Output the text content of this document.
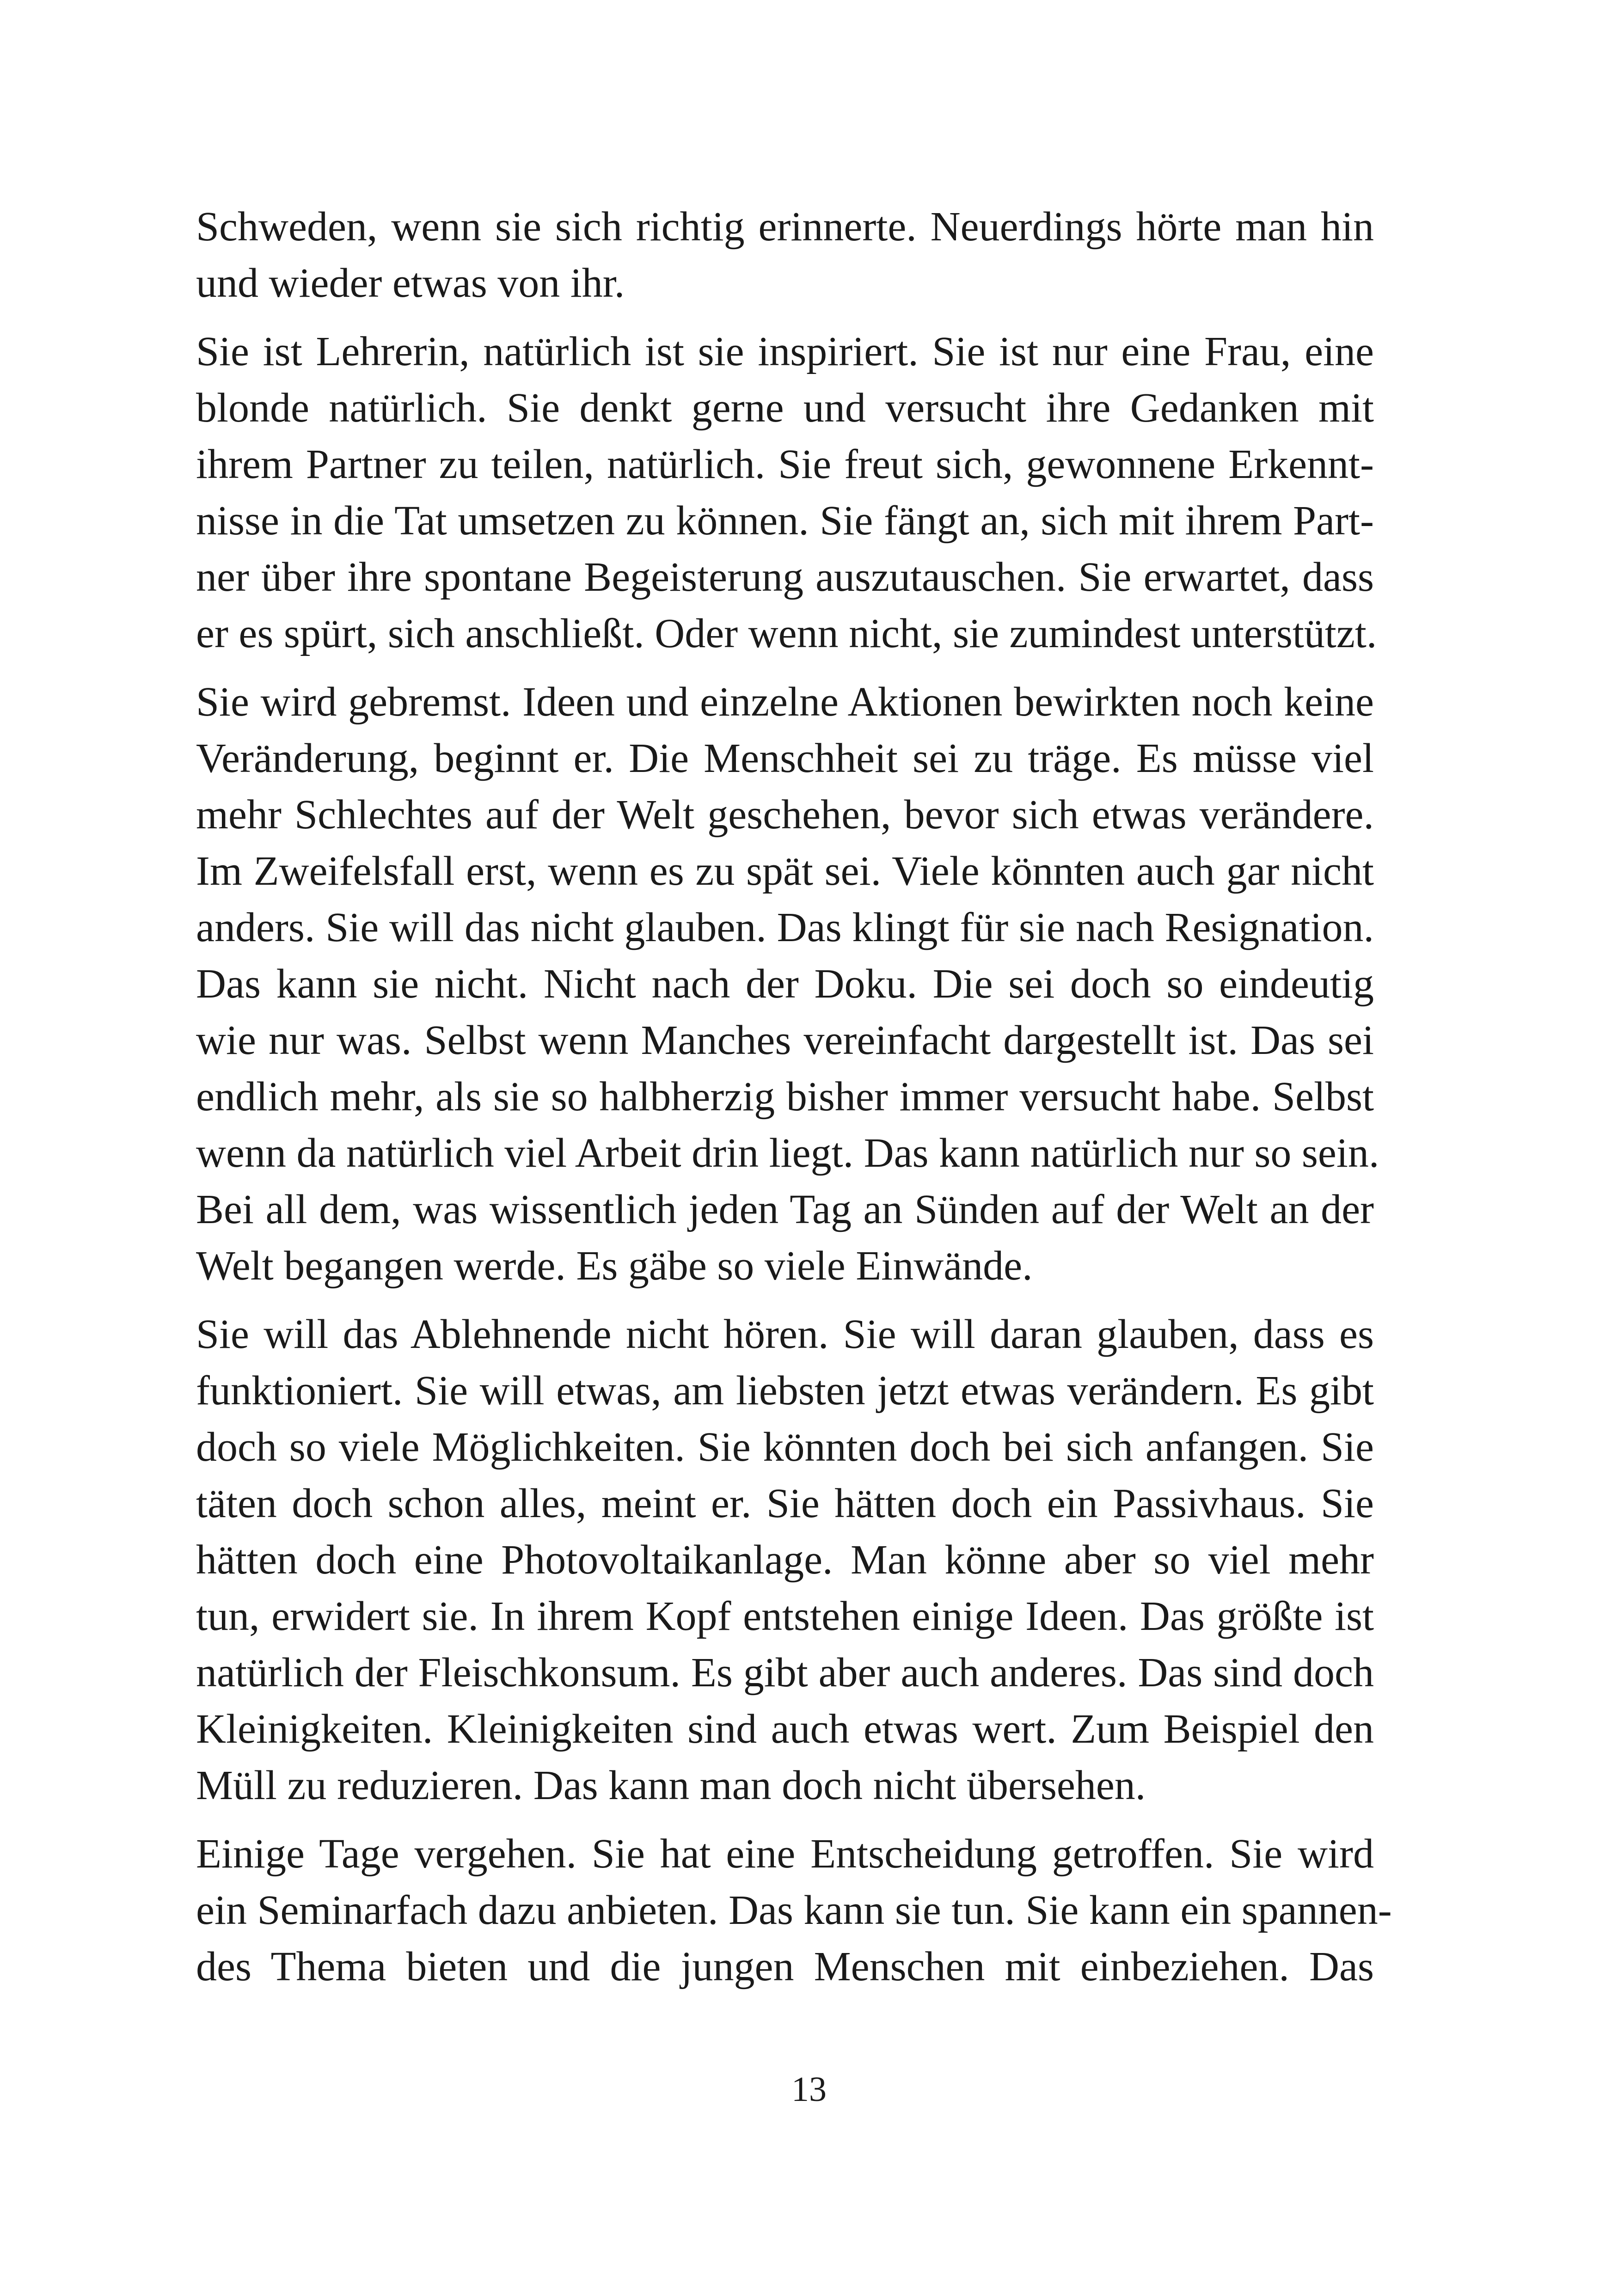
Schweden, wenn sie sich richtig erinnerte. Neuerdings hörte man hin
und wieder etwas von ihr.
Sie ist Lehrerin, natürlich ist sie inspiriert. Sie ist nur eine Frau, eine
blonde natürlich. Sie denkt gerne und versucht ihre Gedanken mit
ihrem Partner zu teilen, natürlich. Sie freut sich, gewonnene Erkennt-
nisse in die Tat umsetzen zu können. Sie fängt an, sich mit ihrem Part-
ner über ihre spontane Begeisterung auszutauschen. Sie erwartet, dass
er es spürt, sich anschließt. Oder wenn nicht, sie zumindest unterstützt.
Sie wird gebremst. Ideen und einzelne Aktionen bewirkten noch keine
Veränderung, beginnt er. Die Menschheit sei zu träge. Es müsse viel
mehr Schlechtes auf der Welt geschehen, bevor sich etwas verändere.
Im Zweifelsfall erst, wenn es zu spät sei. Viele könnten auch gar nicht
anders. Sie will das nicht glauben. Das klingt für sie nach Resignation.
Das kann sie nicht. Nicht nach der Doku. Die sei doch so eindeutig
wie nur was. Selbst wenn Manches vereinfacht dargestellt ist. Das sei
endlich mehr, als sie so halbherzig bisher immer versucht habe. Selbst
wenn da natürlich viel Arbeit drin liegt. Das kann natürlich nur so sein.
Bei all dem, was wissentlich jeden Tag an Sünden auf der Welt an der
Welt begangen werde. Es gäbe so viele Einwände.
Sie will das Ablehnende nicht hören. Sie will daran glauben, dass es
funktioniert. Sie will etwas, am liebsten jetzt etwas verändern. Es gibt
doch so viele Möglichkeiten. Sie könnten doch bei sich anfangen. Sie
täten doch schon alles, meint er. Sie hätten doch ein Passivhaus. Sie
hätten doch eine Photovoltaikanlage. Man könne aber so viel mehr
tun, erwidert sie. In ihrem Kopf entstehen einige Ideen. Das größte ist
natürlich der Fleischkonsum. Es gibt aber auch anderes. Das sind doch
Kleinigkeiten. Kleinigkeiten sind auch etwas wert. Zum Beispiel den
Müll zu reduzieren. Das kann man doch nicht übersehen.
Einige Tage vergehen. Sie hat eine Entscheidung getroffen. Sie wird
ein Seminarfach dazu anbieten. Das kann sie tun. Sie kann ein spannen-
des Thema bieten und die jungen Menschen mit einbeziehen. Das
13
